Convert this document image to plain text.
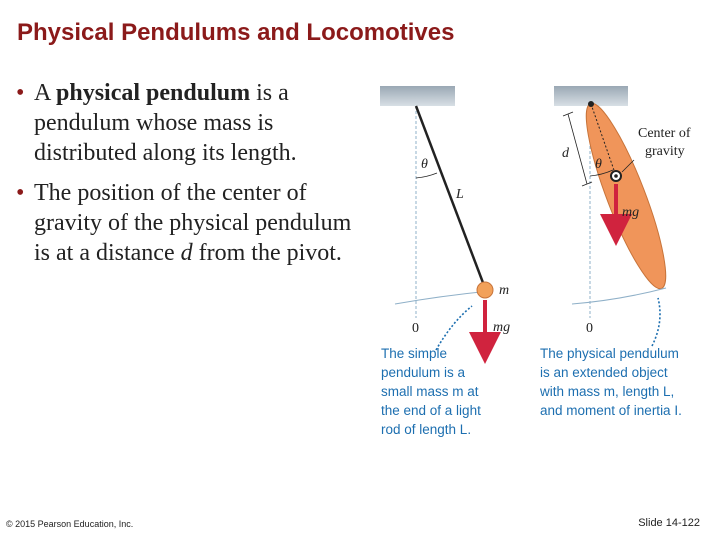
Physical Pendulums and Locomotives
• A physical pendulum is a pendulum whose mass is distributed along its length.
• The position of the center of gravity of the physical pendulum is at a distance d from the pivot.
θ
L
m
mg
0
The simple
pendulum is a
small mass m at
the end of a light
rod of length L.
θ
d
Center of
gravity
mg
0
The physical pendulum
is an extended object
with mass m, length L,
and moment of inertia I.
© 2015 Pearson Education, Inc.	Slide 14-122
